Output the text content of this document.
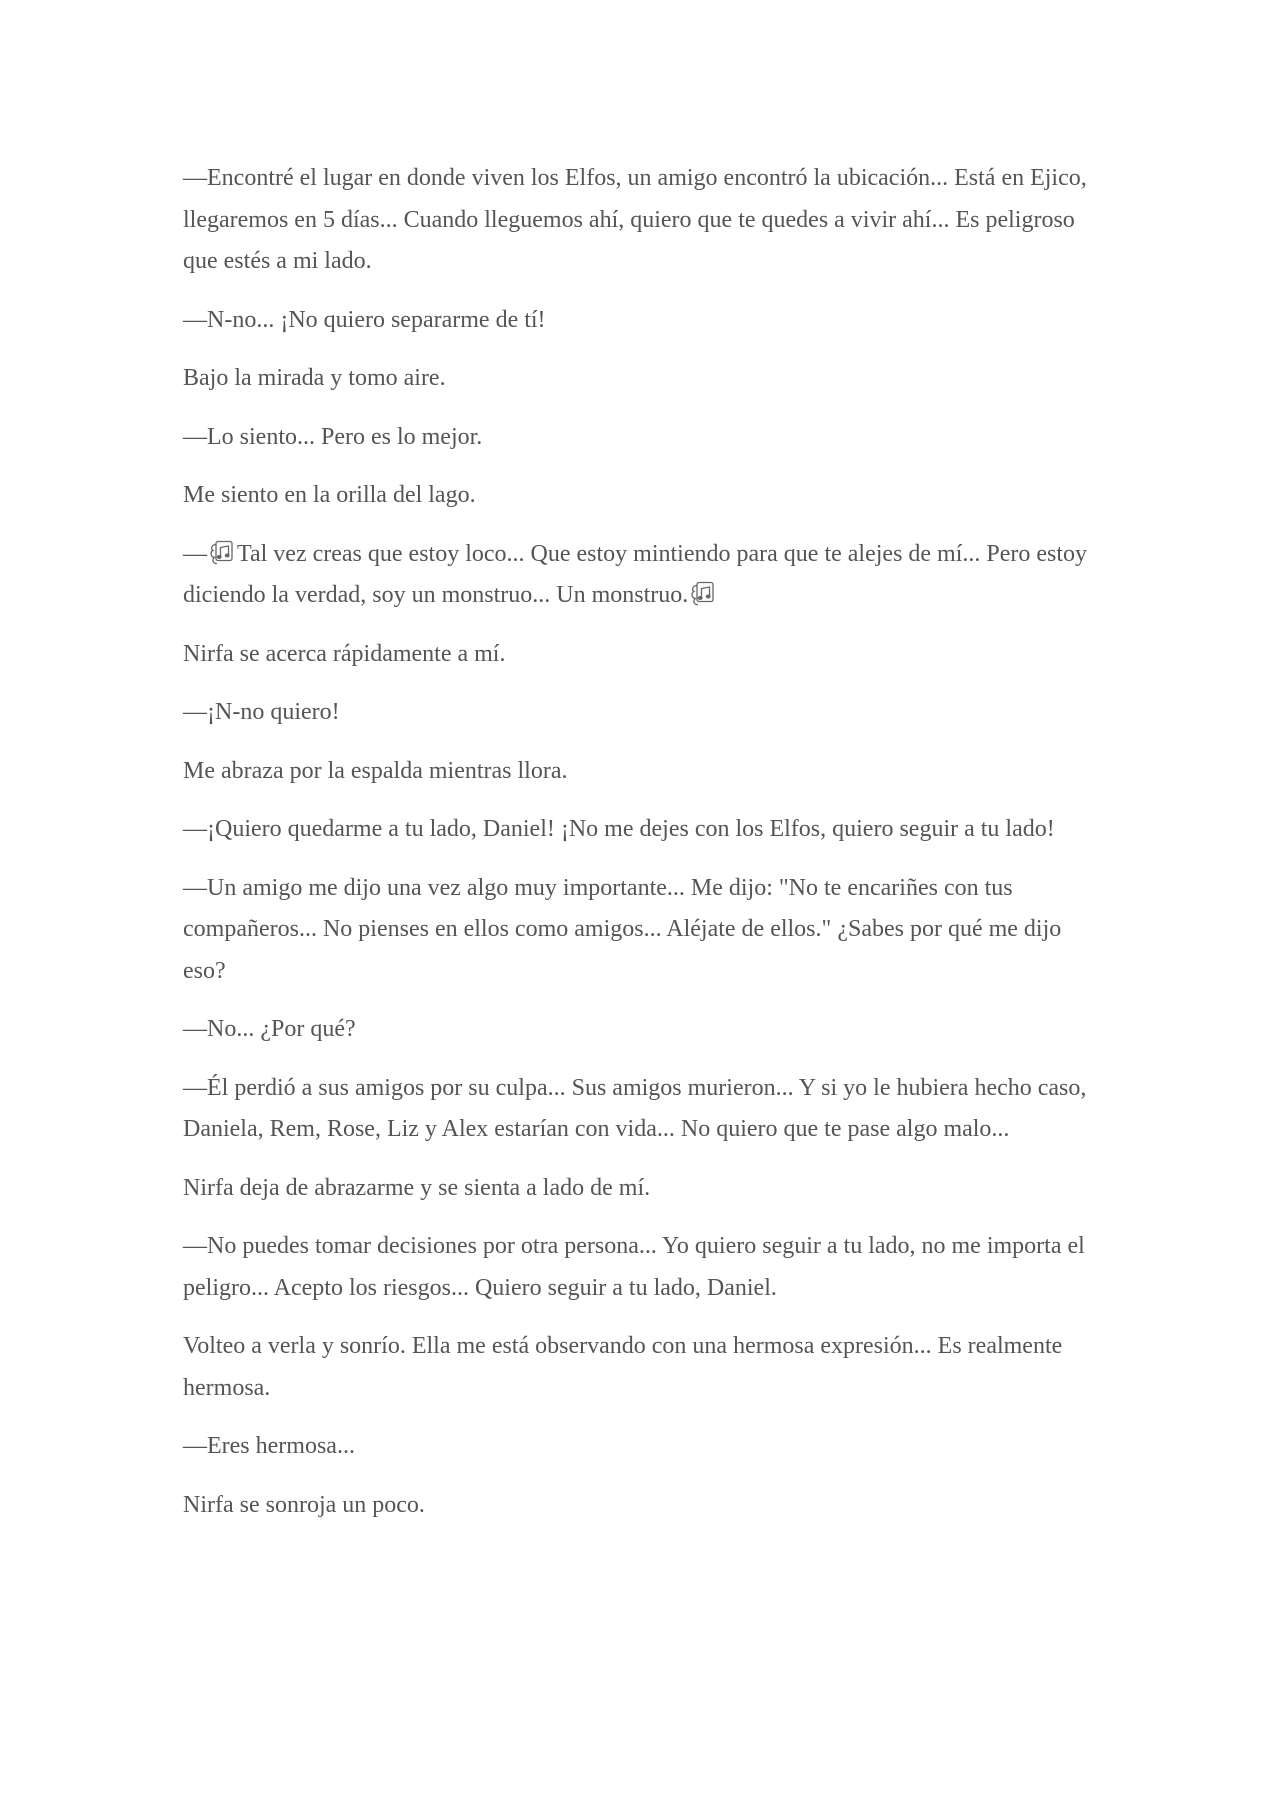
—Encontré el lugar en donde viven los Elfos, un amigo encontró la ubicación... Está en Ejico, llegaremos en 5 días... Cuando lleguemos ahí, quiero que te quedes a vivir ahí... Es peligroso que estés a mi lado.

—N-no... ¡No quiero separarme de tí!

Bajo la mirada y tomo aire.

—Lo siento... Pero es lo mejor.

Me siento en la orilla del lago.

— Tal vez creas que estoy loco... Que estoy mintiendo para que te alejes de mí... Pero estoy diciendo la verdad, soy un monstruo... Un monstruo.

Nirfa se acerca rápidamente a mí.

—¡N-no quiero!

Me abraza por la espalda mientras llora.

—¡Quiero quedarme a tu lado, Daniel! ¡No me dejes con los Elfos, quiero seguir a tu lado!

—Un amigo me dijo una vez algo muy importante... Me dijo: "No te encariñes con tus compañeros... No pienses en ellos como amigos... Aléjate de ellos." ¿Sabes por qué me dijo eso?

—No... ¿Por qué?

—Él perdió a sus amigos por su culpa... Sus amigos murieron... Y si yo le hubiera hecho caso, Daniela, Rem, Rose, Liz y Alex estarían con vida... No quiero que te pase algo malo...

Nirfa deja de abrazarme y se sienta a lado de mí.

—No puedes tomar decisiones por otra persona... Yo quiero seguir a tu lado, no me importa el peligro... Acepto los riesgos... Quiero seguir a tu lado, Daniel.

Volteo a verla y sonrío. Ella me está observando con una hermosa expresión... Es realmente hermosa.

—Eres hermosa...

Nirfa se sonroja un poco.
